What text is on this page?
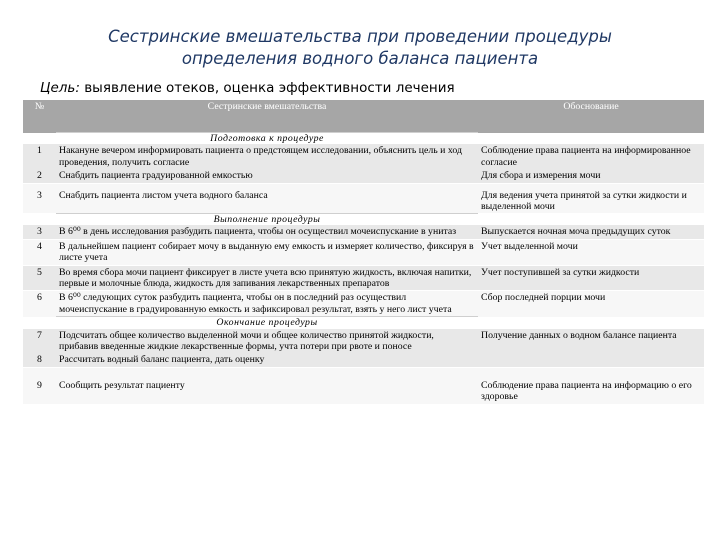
Сестринские вмешательства при проведении процедуры
определения водного баланса пациента
Цель: выявление отеков, оценка эффективности лечения
№	Сестринские вмешательства	Обоснование
	Подготовка к процедуре	
1	Накануне вечером информировать пациента о предстоящем исследовании, объяснить цель и ход проведения, получить согласие	Соблюдение права пациента на информированное согласие
2	Снабдить пациента градуированной емкостью	Для сбора и измерения мочи
3	Снабдить пациента листом учета водного баланса	Для ведения учета принятой за сутки жидкости и выделенной мочи
	Выполнение процедуры	
3	В 6⁰⁰ в день исследования разбудить пациента, чтобы он осуществил мочеиспускание в унитаз	Выпускается ночная моча предыдущих суток
4	В дальнейшем пациент собирает мочу в выданную ему емкость и измеряет количество, фиксируя в листе учета	Учет выделенной мочи
5	Во время сбора мочи пациент фиксирует в листе учета всю принятую жидкость, включая напитки, первые и молочные блюда, жидкость для запивания лекарственных препаратов	Учет поступившей за сутки жидкости
6	В 6⁰⁰ следующих суток разбудить пациента, чтобы он в последний раз осуществил мочеиспускание в градуированную емкость и зафиксировал результат, взять у него лист учета	Сбор последней порции мочи
	Окончание процедуры	
7	Подсчитать общее количество выделенной мочи и общее количество принятой жидкости, прибавив введенные жидкие лекарственные формы, учта потери при рвоте и поносе	Получение данных о водном балансе пациента
8	Рассчитать водный баланс пациента, дать оценку	
9	Сообщить результат пациенту	Соблюдение права пациента на информацию о его здоровье
